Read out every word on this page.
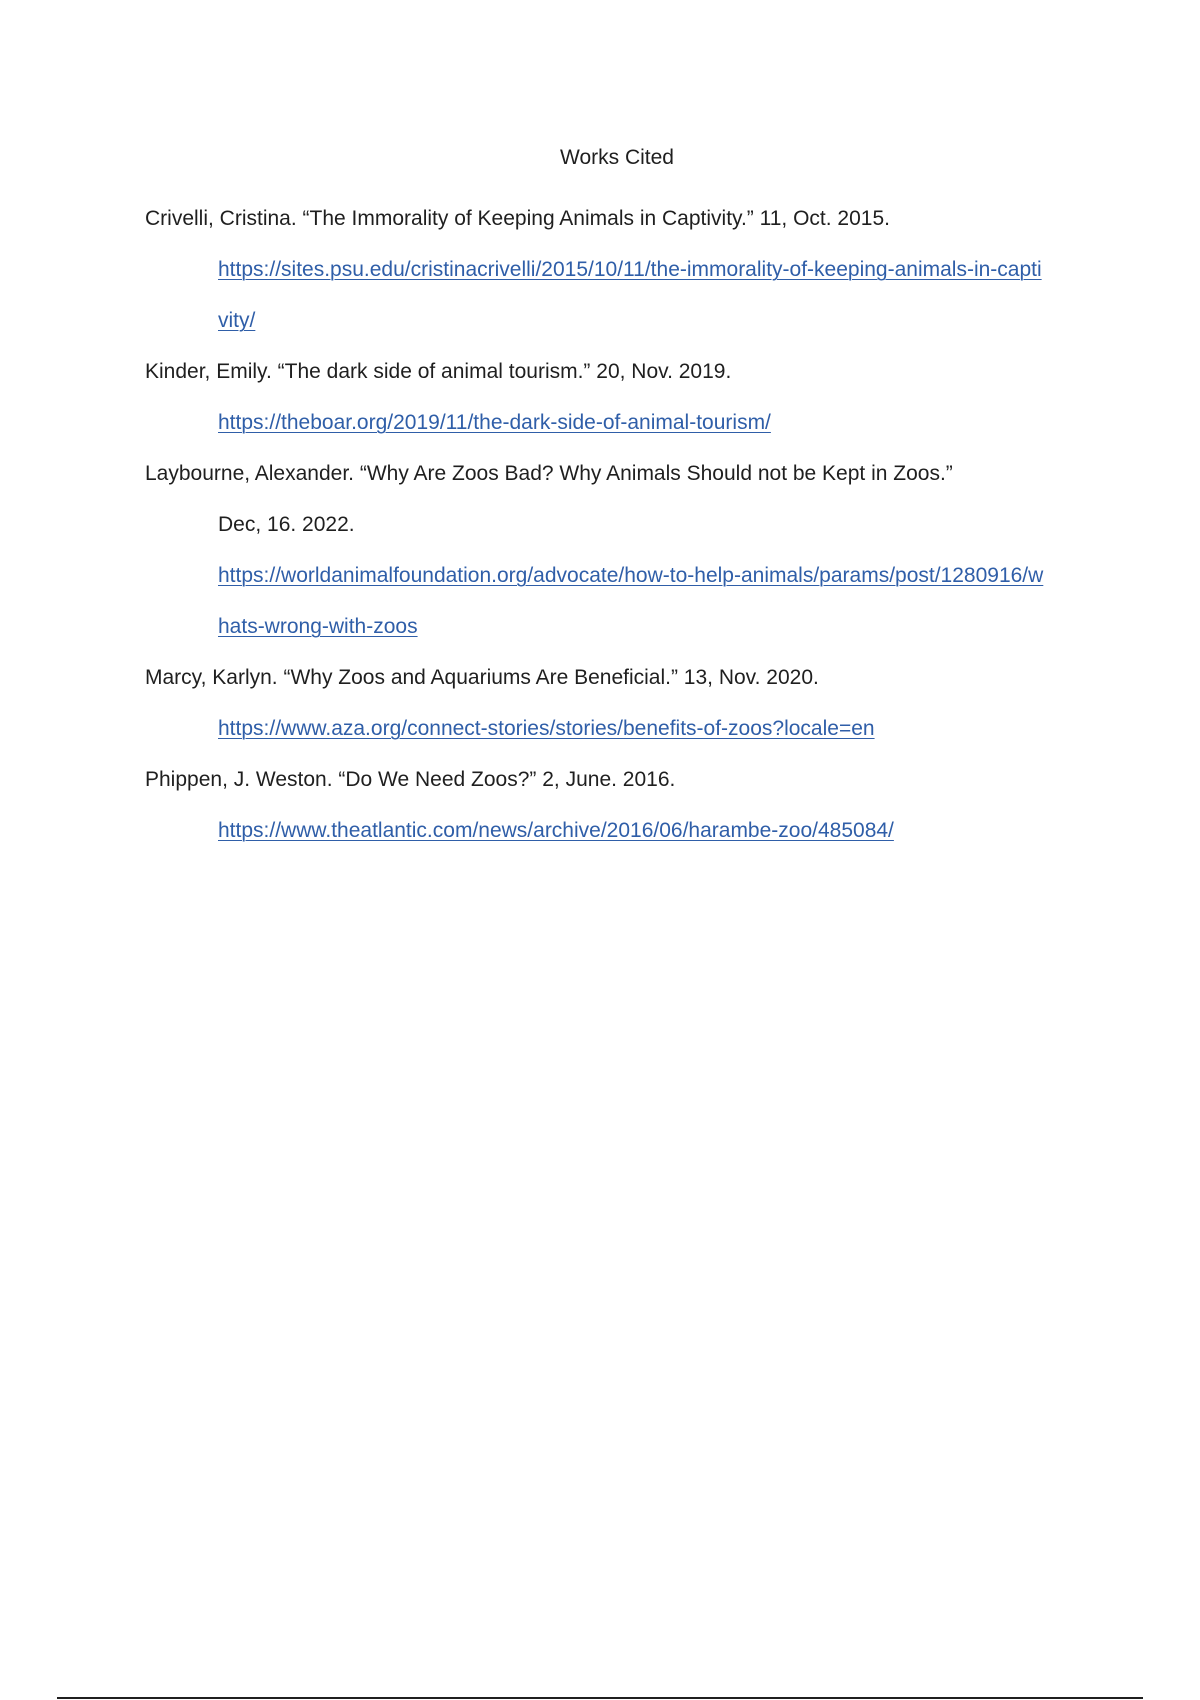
Works Cited
Crivelli, Cristina. “The Immorality of Keeping Animals in Captivity.” 11, Oct. 2015.
https://sites.psu.edu/cristinacrivelli/2015/10/11/the-immorality-of-keeping-animals-in-capti
vity/
Kinder, Emily. “The dark side of animal tourism.” 20, Nov. 2019.
https://theboar.org/2019/11/the-dark-side-of-animal-tourism/
Laybourne, Alexander. “Why Are Zoos Bad? Why Animals Should not be Kept in Zoos.”
Dec, 16. 2022.
https://worldanimalfoundation.org/advocate/how-to-help-animals/params/post/1280916/w
hats-wrong-with-zoos
Marcy, Karlyn. “Why Zoos and Aquariums Are Beneficial.” 13, Nov. 2020.
https://www.aza.org/connect-stories/stories/benefits-of-zoos?locale=en
Phippen, J. Weston. “Do We Need Zoos?” 2, June. 2016.
https://www.theatlantic.com/news/archive/2016/06/harambe-zoo/485084/
